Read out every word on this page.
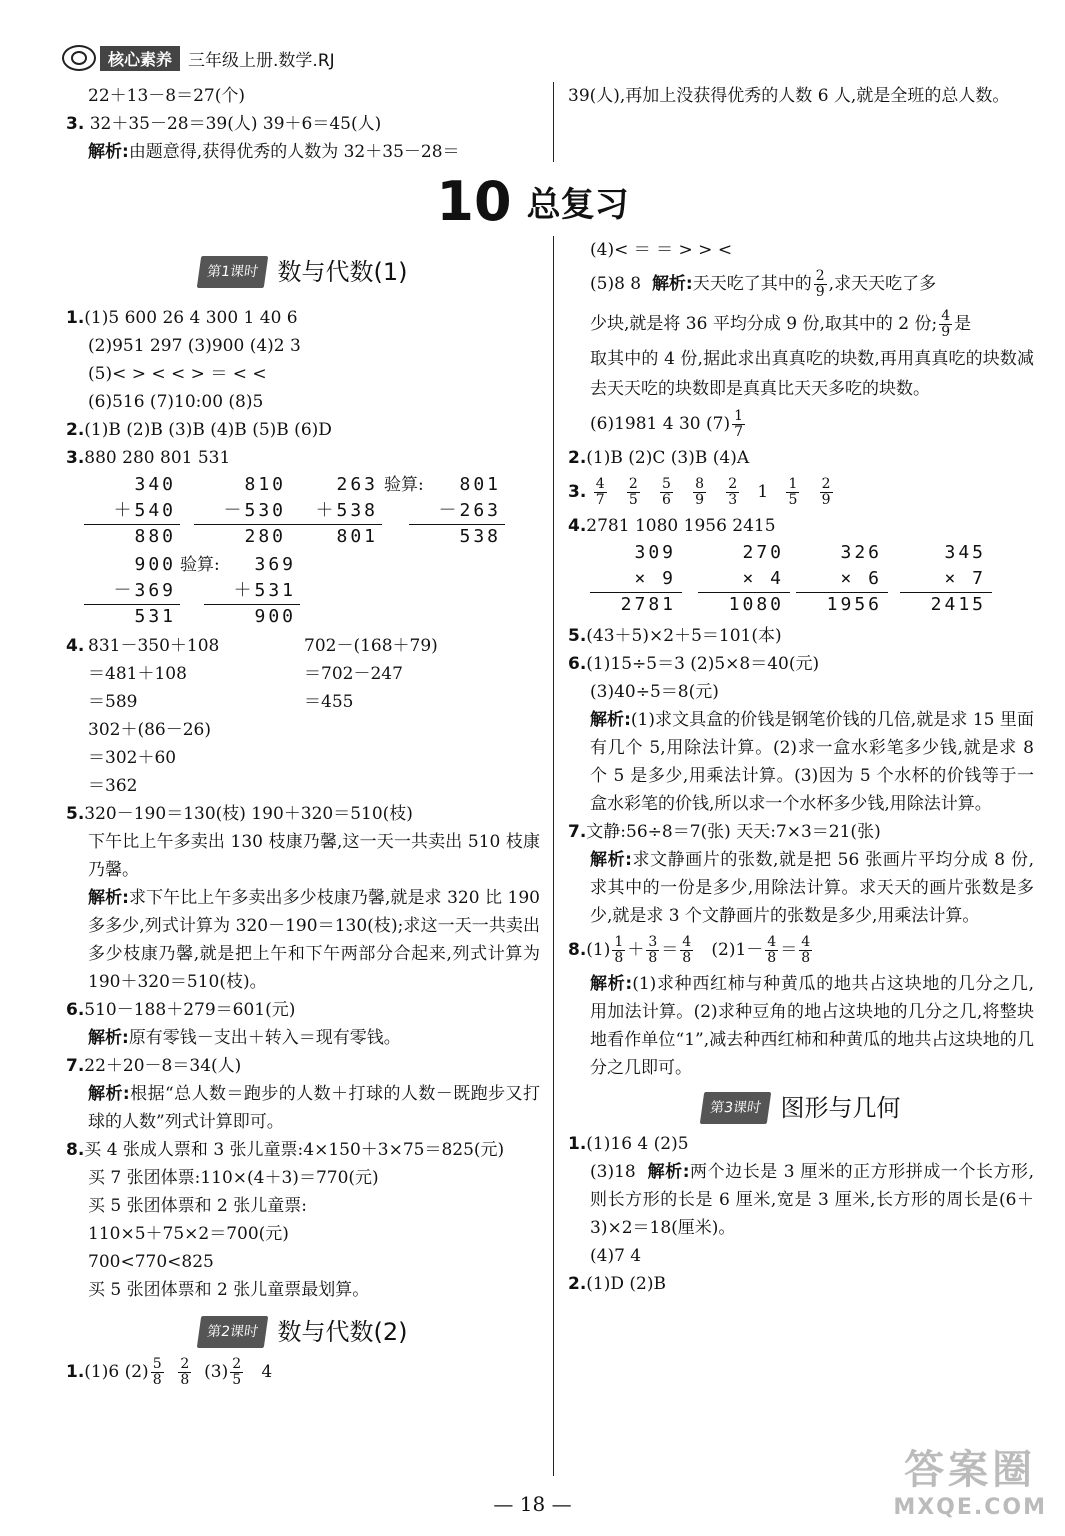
核心素养 三年级上册.数学.RJ
22＋13－8＝27(个)
3. 32＋35－28＝39(人) 39＋6＝45(人)
解析:由题意得,获得优秀的人数为 32＋35－28＝
39(人),再加上没获得优秀的人数 6 人,就是全班的总人数。
10 总复习
第1课时 数与代数(1)
1.(1)5 600 26 4 300 1 40 6
(2)951 297 (3)900 (4)2 3
(5)< > < < > ＝ < <
(6)516 (7)10:00 (8)5
2.(1)B (2)B (3)B (4)B (5)B (6)D
3.880 280 801 531
340
＋540
880
810
－530
280
263
＋538
801
验算:	801
－263
538
900
－369
531
验算:	369
＋531
900
4. 831－350＋108
＝481＋108
＝589
702－(168＋79)
＝702－247
＝455
302＋(86－26)
＝302＋60
＝362
5.320－190＝130(枝) 190＋320＝510(枝)
下午比上午多卖出 130 枝康乃馨,这一天一共卖出 510 枝康乃馨。
解析:求下午比上午多卖出多少枝康乃馨,就是求 320 比 190 多多少,列式计算为 320－190＝130(枝);求这一天一共卖出多少枝康乃馨,就是把上午和下午两部分合起来,列式计算为 190＋320＝510(枝)。
6.510－188＋279＝601(元)
解析:原有零钱－支出＋转入＝现有零钱。
7.22＋20－8＝34(人)
解析:根据“总人数＝跑步的人数＋打球的人数－既跑步又打球的人数”列式计算即可。
8.买 4 张成人票和 3 张儿童票:4×150＋3×75＝825(元)
买 7 张团体票:110×(4＋3)＝770(元)
买 5 张团体票和 2 张儿童票:
110×5＋75×2＝700(元)
700<770<825
买 5 张团体票和 2 张儿童票最划算。
第2课时 数与代数(2)
1.(1)6 $(2) \frac{5}{8}$
$\frac{2}{8} (3) \frac{2}{5} 4$
(4)< ＝ ＝ > > <
(5)8 8 解析:天天吃了其中的 $\frac{2}{9}$ ,求天天吃了多
少块,就是将 36 平均分成 9 份,取其中的 2 份; $\frac{4}{9}$ 是
取其中的 4 份,据此求出真真吃的块数,再用真真吃的块数减去天天吃的块数即是真真比天天多吃的块数。
(6)1981 4 30 $(7) \frac{1}{7}$
2.(1)B (2)C (3)B (4)A
3. $\frac{4}{7}$
$\frac{2}{5}$
$\frac{5}{6}$
$\frac{8}{9}$
$\frac{2}{3} 1 \frac{1}{5}$
$\frac{2}{9}$
4.2781 1080 1956 2415
309
× 9
2781
270
× 4
1080
326
× 6
1956
345
× 7
2415
5.(43＋5)×2＋5＝101(本)
6.(1)15÷5＝3 (2)5×8＝40(元)
(3)40÷5＝8(元)
解析:(1)求文具盒的价钱是钢笔价钱的几倍,就是求 15 里面有几个 5,用除法计算。(2)求一盒水彩笔多少钱,就是求 8 个 5 是多少,用乘法计算。(3)因为 5 个水杯的价钱等于一盒水彩笔的价钱,所以求一个水杯多少钱,用除法计算。
7.文静:56÷8＝7(张) 天天:7×3＝21(张)
解析:求文静画片的张数,就是把 56 张画片平均分成 8 份,求其中的一份是多少,用除法计算。求天天的画片张数是多少,就是求 3 个文静画片的张数是多少,用乘法计算。
$8.(1) \frac{1}{8} + \frac{3}{8} = \frac{4}{8} (2)1- \frac{4}{8} = \frac{4}{8}$
解析:(1)求种西红柿与种黄瓜的地共占这块地的几分之几,用加法计算。(2)求种豆角的地占这块地的几分之几,将整块地看作单位“1”,减去种西红柿和种黄瓜的地共占这块地的几分之几即可。
第3课时 图形与几何
1.(1)16 4 (2)5
(3)18 解析:两个边长是 3 厘米的正方形拼成一个长方形,则长方形的长是 6 厘米,宽是 3 厘米,长方形的周长是(6＋3)×2＝18(厘米)。
(4)7 4
2.(1)D (2)B
— 18 —
答案圈
MXQE.COM
